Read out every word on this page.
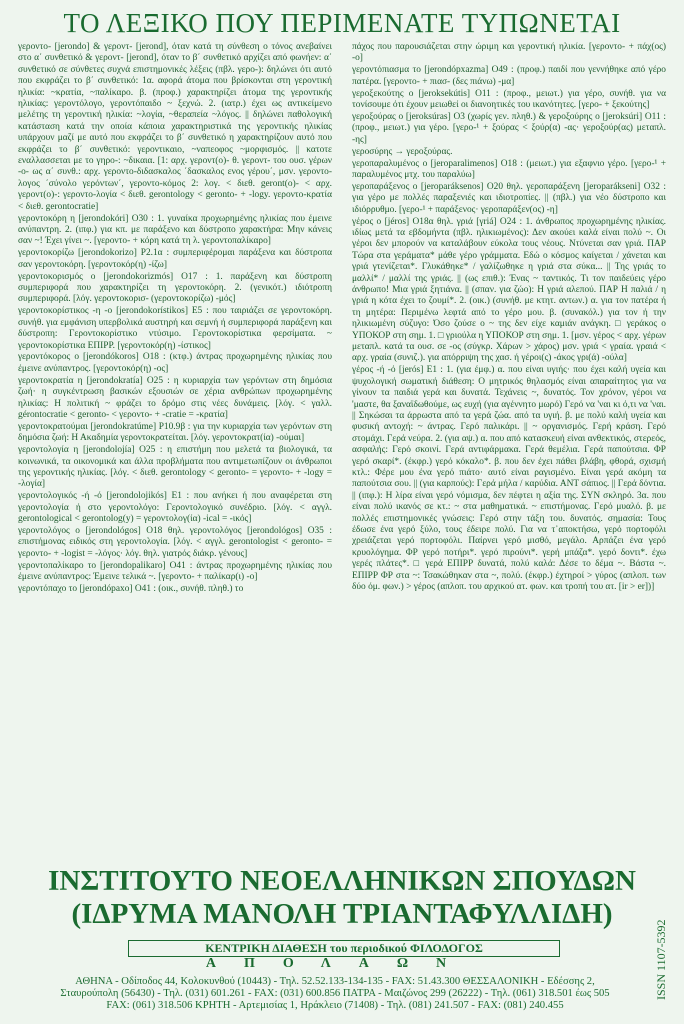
ΤΟ ΛΕΞΙΚΟ ΠΟΥ ΠΕΡΙΜΕΝΑΤΕ ΤΥΠΩΝΕΤΑΙ

γεροντο- [jerondo] & γεροντ- [jerond], όταν κατά τη σύνθεση ο τόνος ανεβαίνει στο α΄ συνθετικό & γεροντ- [jerond], όταν το β΄ συνθετικό αρχίζει από φωνήεν: α΄ συνθετικό σε σύνθετες συχνά επιστημονικές λέξεις (πβλ. γερο-): δηλώνει ότι αυτό που εκφράζει το β΄ συνθετικό: 1α. αφορά άτομα που βρίσκονται στη γεροντική ηλικία: ~κρατία, ~παλίκαρο. β. (προφ.) χαρακτηρίζει άτομα της γεροντικής ηλικίας: γεροντόλογο, γεροντόπαιδο ~ ξεχνώ. 2. (ιατρ.) έχει ως αντικείμενο μελέτης τη γεροντική ηλικία: ~λογία, ~θεραπεία ~λόγος. || δηλώνει παθολογική κατάσταση κατά την οποία κάποια χαρακτηριστικά της γεροντικής ηλικίας υπάρχουν μαζί με αυτό που εκφράζει το β΄ συνθετικό η χαρακτηρίζουν αυτό που εκφράζει το β΄ συνθετικό: γεροντικαιο, ~ναπεοφος ~μορφισμός. || κατοτε εναλλασσεται με το γηρο-: ~δικαια. [1: αρχ. γεροντ(ο)- θ. γεροντ- του ουσ. γέρων -ο- ως α΄ συνθ.: αρχ. γεροντο-διδασκαλος ΄δασκαλος ενος γέρου΄, μσν. γεροντο-λογος ΄σύνολο γερόντων΄, γεροντο-κόμος 2: λογ. < διεθ. geront(o)- < αρχ. γεροντ(ο)-: γεροντο-λογία < διεθ. gerontology < geronto- + -logy. γεροντο-κρατία < διεθ. gerontocratie]

γεροντοκόρη η [jerondokóri] O30 : 1. γυναίκα προχωρημένης ηλικίας που έμεινε ανύπαντρη. 2. (ιπφ.) για κπ. με παράξενο και δύστροπο χαρακτήρα: Μην κάνεις σαν ~! Έχει γίνει ~. [γεροντο- + κόρη κατά τη λ. γεροντοπαλίκαρο]

γεροντοκορίζω [jerondokorizo] P2.1α : συμπεριφέρομαι παράξενα και δύστροπα σαν γεροντοκόρη. [γεροντοκόρ(η) -ίζω]

γεροντοκορισμός ο [jerondokorizmós] O17 : 1. παράξενη και δύστροπη συμπεριφορά που χαρακτηρίζει τη γεροντοκόρη. 2. (γενικότ.) ιδιότροπη συμπεριφορά. [λόγ. γεροντοκορισ- (γεροντοκορίζω) -μός]

γεροντοκορίστικος -η -ο [jerondokorístikos] E5 : που ταιριάζει σε γεροντοκόρη. συνήθ. για εμφάνιση υπερβολικά αυστηρή και σεμνή ή συμπεριφορά παράξενη και δύστροπη: Γεροντοκορίστικο ντύσιμο. Γεροντοκορίστικα φερσίματα. ~ γεροντοκορίστικα ΕΠΙΡΡ. [γεροντοκόρ(η) -ίστικος]

γεροντόκορος ο [jerondókoros] O18 : (κτφ.) άντρας προχωρημένης ηλικίας που έμεινε ανύπαντρος. [γεροντοκόρ(η) -ος]

γεροντοκρατία η [jerondokratía] O25 : η κυριαρχία των γερόντων στη δημόσια ζωή· η συγκέντρωση βασικών εξουσιών σε χέρια ανθρώπων προχωρημένης ηλικίας: Η πολιτική ~ φράζει το δρόμο στις νέες δυνάμεις. [λόγ. < γαλλ. gérontocratie < geronto- < γεροντο- + -cratie = -κρατία]

γεροντοκρατούμαι [jerondokratúme] P10.9β : για την κυριαρχία των γερόντων στη δημόσια ζωή: Η Ακαδημία γεροντοκρατείται. [λόγ. γεροντοκρατ(ία) -ούμαι]

γεροντολογία η [jerondolojía] O25 : η επιστήμη που μελετά τα βιολογικά, τα κοινωνικά, τα οικονομικά και άλλα προβλήματα που αντιμετωπίζουν οι άνθρωποι της γεροντικής ηλικίας. [λόγ. < διεθ. gerontology < geronto- = γεροντο- + -logy = -λογία]

γεροντολογικός -ή -ό [jerondolojikós] E1 : που ανήκει ή που αναφέρεται στη γεροντολογία ή στο γεροντολόγο: Γεροντολογικό συνέδριο. [λόγ. < αγγλ. gerontological < gerontolog(y) = γεροντολογ(ία) -ical = -ικός]

γεροντολόγος ο [jerondológos] O18 θηλ. γεροντολόγος [jerondológos] O35 : επιστήμονας ειδικός στη γεροντολογία. [λόγ. < αγγλ. gerontologist < geronto- = γεροντο- + -logist = -λόγος· λόγ. θηλ. γιατρός διάκρ. γένους]

γεροντοπαλίκαρο το [jerondopalikaro] O41 : άντρας προχωρημένης ηλικίας που έμεινε ανύπαντρος: Έμεινε τελικά ~. [γεροντο- + παλίκαρ(ι) -ο]

γεροντόπαχο το [jerondópaxo] O41 : (οικ., συνήθ. πληθ.) το

πάχος που παρουσιάζεται στην ώριμη και γεροντική ηλικία. [γεροντο- + πάχ(ος) -ο]

γεροντόπιασμα το [jerondópxazma] O49 : (προφ.) παιδί που γεννήθηκε από γέρο πατέρα. [γεροντο- + πιασ- (δες πιάνω) -μα]

γεροξεκούτης ο [jeroksekútis] O11 : (προφ., μειωτ.) για γέρο, συνήθ. για να τονίσουμε ότι έχουν μειωθεί οι διανοητικές του ικανότητες. [γερο- + ξεκούτης]

γεροξούρας ο [jeroksúras] O3 (χωρίς γεν. πληθ.) & γεροξούρης ο [jeroksúri] O11 : (προφ., μειωτ.) για γέρο. [γερο-¹ + ξούρας < ξούρ(α) -ας· γεροξούρ(ας) μεταπλ. -ης]

γεροσύρης → γεροξούρας.

γεροπαραλυμένος ο [jeroparalimenos] O18 : (μειωτ.) για εξαφνιο γέρο. [γερο-¹ + παραλυμένος μτχ. του παραλύω]

γεροπαράξενος ο [jeroparáksenos] O20 θηλ. γεροπαράξενη [jeroparákseni] O32 : για γέρο με πολλές παραξενιές και ιδιοτροπίες. || (πβλ.) για νέο δύστροπο και ιδιόρρυθμο. [γερο-¹ + παράξενος· γεροπαράξεν(ος) -η]

γέρος ο [jéros] O18α θηλ. γριά [γriá] O24 : 1. άνθρωπος προχωρημένης ηλικίας. ιδίως μετά τα εβδομήντα (πβλ. ηλικιωμένος): Δεν ακούει καλά είναι πολύ ~. Οι γέροι δεν μπορούν να καταλάβουν εύκολα τους νέους. Ντύνεται σαν γριά. ΠΑΡ Τώρα στα γεράματα* μάθε γέρο γράμματα. Εδώ ο κόσμος καίγεται / χάνεται και γριά γτενίζεται*. Γλυκάθηκε* / γαλίζωθηκε η γριά στα σύκα... || Της γριάς το μαλλί* / μαλλί της γριάς. || (ως επιθ.): Ένας ~ ταντικός. Τι τον παιδεύεις γέρο άνθρωπο! Μια γριά ξητιάνα. || (σπαν. για ζώο): Η γριά αλεπού. ΠΑΡ Η παλιά / η γριά η κότα έχει το ζουμί*. 2. (οικ.) (συνήθ. με κτητ. αντων.) α. για τον πατέρα ή τη μητέρα: Περιμένω λεφτά από το γέρο μου. β. (συνακόλ.) για τον ή την ηλικιωμένη σύζυγο: Όσο ζούσε ο ~ της δεν είχε καμιάν ανάγκη. □ γεράκος ο ΥΠΟΚΟΡ στη σημ. 1. □ γριούλα η ΥΠΟΚΟΡ στη σημ. 1. [μσν. γέρος < αρχ. γέρων μεταπλ. κατά τα ουσ. σε -ος (σύγκρ. Χάρων > χάρος) μσν. γριά < γραία. γραιά < αρχ. γραία (συνιζ.). για απόρριψη της χασ. ή γέροι(ς) -άκος γρι(ά) -ούλα]

γέρος -ή -ό [jerós] E1 : 1. (για έμφ.) α. που είναι υγιής· που έχει καλή υγεία και ψυχολογική σωματική διάθεση: Ο μητρικός θηλασμός είναι απαραίτητος για να γίνουν τα παιδιά γερά και δυνατά. Τεχάνεις ~, δυνατός. Τον χρόνον, γέροι να 'μαστε, θα ξαναϊδωθούμε, ως ευχή (για αγέννητο μωρό) Γερό να 'ναι κι ό,τι να 'ναι. || Σηκώσαι τα άρρωστα από τα γερά ζώα. από τα υγιή. β. με πολύ καλή υγεία και φυσική αντοχή: ~ άντρας. Γερό παλικάρι. || ~ οργανισμός. Γερή κράση. Γερό στομάχι. Γερά νεύρα. 2. (για αψ.) α. που από κατασκευή είναι ανθεκτικός, στερεός, ασφαλής: Γερό σκοινί. Γερά αντιφάρμακα. Γερά θεμέλια. Γερά παπούτσια. ΦΡ γερό σκαρί*. (έκφρ.) γερό κόκαλο*. β. που δεν έχει πάθει βλάβη, φθορά, σχισμή κτλ.: Φέρε μου ένα γερό πιάτο· αυτό είναι ραγισμένο. Είναι γερά ακόμη τα παπούτσια σου. || (για καρπούς): Γερά μήλα / καρύδια. ΑΝΤ σάπιος. || Γερά δόντια. || (ιπφ.): Η λίρα είναι γερό νόμισμα, δεν πέφτει η αξία της. ΣΥΝ σκληρό. 3α. που είναι πολύ ικανός σε κτ.: ~ στα μαθηματικά. ~ επιστήμονας. Γερό μυαλό. β. με πολλές επιστημονικές γνώσεις: Γερό στην τάξη του. δυνατός. σημασία: Τους έδωσε ένα γερό ξύλο, τους έδειρε πολύ. Για να τ᾽αποκτήσω, γερό πορτοφόλι χρειάζεται γερό πορτοφόλι. Παίρνει γερό μισθό, μεγάλο. Αρπάζει ένα γερό κρυολόγημα. ΦΡ γερό ποτήρι*. γερό πιρούνι*. γερή μπάζα*. γερό δοντι*. έχω γερές πλάτες*. □ γερά ΕΠΙΡΡ δυνατά, πολύ καλά: Δέσε το δέμα ~. Βάστα ~. ΕΠΙΡΡ ΦΡ στα ~: Τσακώθηκαν στα ~, πολύ. (έκφρ.) έχτηροί > γύρος (απλοπ. των δύο όμ. φων.) > γέρος (απλοπ. του αρχικού ατ. φων. και τροπή του ατ. [ir > er])]

ΙΝΣΤΙΤΟΥΤΟ ΝΕΟΕΛΛΗΝΙΚΩΝ ΣΠΟΥΔΩΝ
(ΙΔΡΥΜΑ ΜΑΝΟΛΗ ΤΡΙΑΝΤΑΦΥΛΛΙΔΗ)
ΚΕΝΤΡΙΚΗ ΔΙΑΘΕΣΗ του περιοδικού ΦΙΛΟΔΟΓΟΣ
ΑΠΟΛΑΩΝ
ΑΘΗΝΑ - Οδίποδος 44, Κολοκυνθού (10443) - Τηλ. 52.52.133-134-135 - FAX: 51.43.300 ΘΕΣΣΑΛΟΝΙΚΗ - Εδέσσης 2,
Σταυρούπολη (56430) - Τηλ. (031) 601.261 - FAX: (031) 600.856 ΠΑΤΡΑ - Μαιζώνος 299 (26222) - Τηλ. (061) 318.501 έως 505
FAX: (061) 318.506 ΚΡΗΤΗ - Αρτεμισίας 1, Ηράκλειο (71408) - Τηλ. (081) 241.507 - FAX: (081) 240.455
ISSN 1107-5392
